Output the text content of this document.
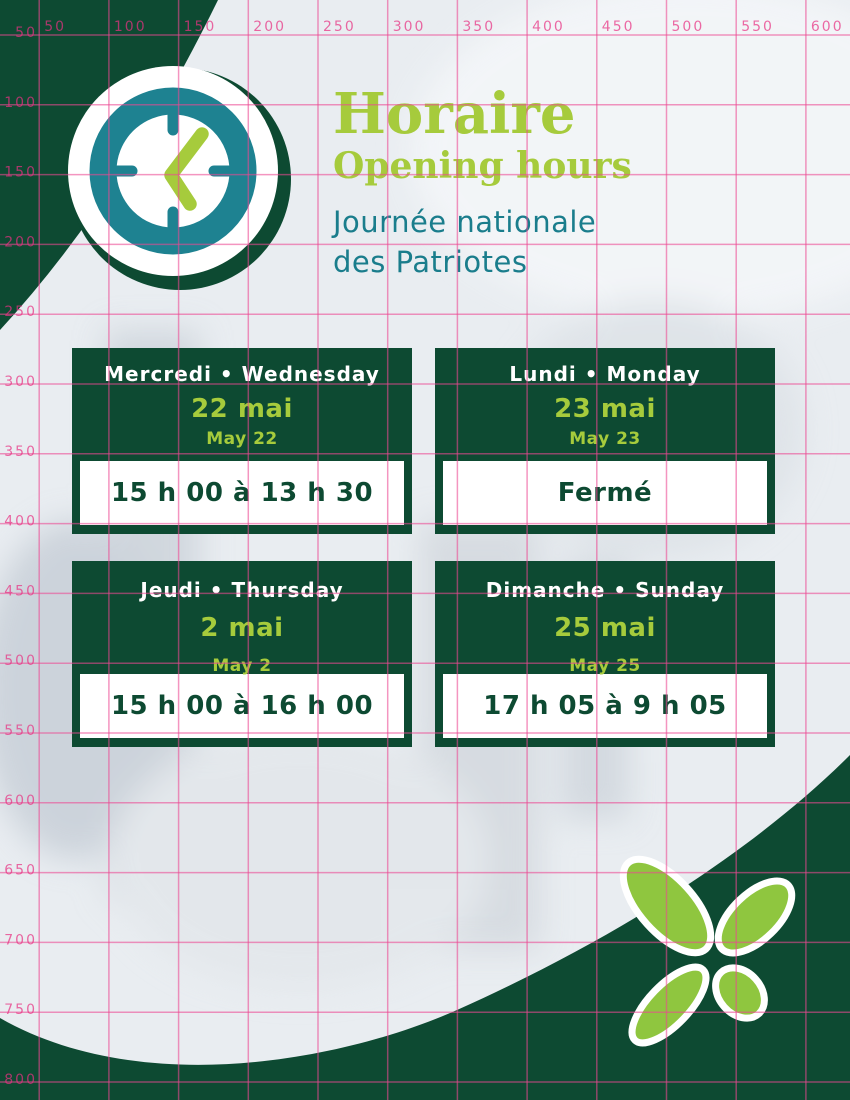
Horaire
Opening hours
Journée nationale
des Patriotes
Mercredi • Wednesday
22 mai
May 22
15 h 00 à 13 h 30
Lundi • Monday
23 mai
May 23
Fermé
Jeudi • Thursday
2 mai
May 2
15 h 00 à 16 h 00
Dimanche • Sunday
25 mai
May 25
17 h 05 à 9 h 05
50	100	150	200	250	300	350	400	450	500	550	600
50
100
150
200
250
300
350
400
450
500
550
600
650
700
750
800
